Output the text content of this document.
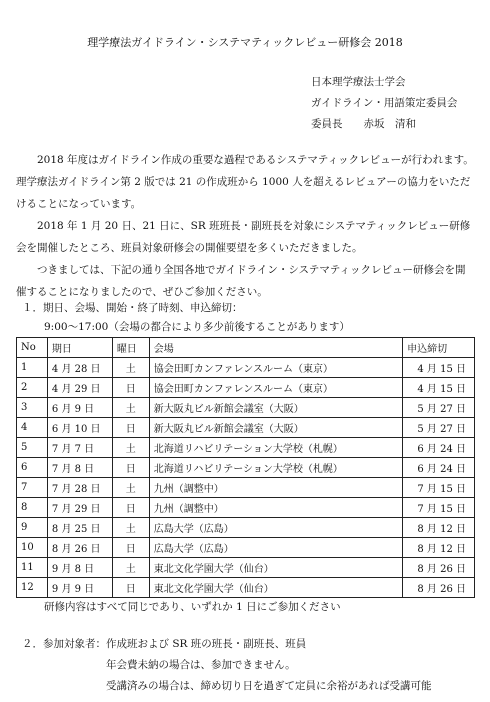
理学療法ガイドライン・システマティックレビュー研修会 2018
日本理学療法士学会
ガイドライン・用語策定委員会
委員長　　赤坂　清和

2018 年度はガイドライン作成の重要な過程であるシステマティックレビューが行われます。理学療法ガイドライン第 2 版では 21 の作成班から 1000 人を超えるレビュアーの協力をいただけることになっています。

2018 年 1 月 20 日、21 日に、SR 班班長・副班長を対象にシステマティックレビュー研修会を開催したところ、班員対象研修会の開催要望を多くいただきました。

つきましては、下記の通り全国各地でガイドライン・システマティックレビュー研修会を開催することになりましたので、ぜひご参加ください。

１．期日、会場、開始・終了時刻、申込締切：
9:00〜17:00（会場の都合により多少前後することがあります）
No	期日	曜日	会場	申込締切
1	4 月 28 日	土	協会田町カンファレンスルーム（東京）	4 月 15 日
2	4 月 29 日	日	協会田町カンファレンスルーム（東京）	4 月 15 日
3	6 月 9 日	土	新大阪丸ビル新館会議室（大阪）	5 月 27 日
4	6 月 10 日	日	新大阪丸ビル新館会議室（大阪）	5 月 27 日
5	7 月 7 日	土	北海道リハビリテーション大学校（札幌）	6 月 24 日
6	7 月 8 日	日	北海道リハビリテーション大学校（札幌）	6 月 24 日
7	7 月 28 日	土	九州（調整中）	7 月 15 日
8	7 月 29 日	日	九州（調整中）	7 月 15 日
9	8 月 25 日	土	広島大学（広島）	8 月 12 日
10	8 月 26 日	日	広島大学（広島）	8 月 12 日
11	9 月 8 日	土	東北文化学園大学（仙台）	8 月 26 日
12	9 月 9 日	日	東北文化学園大学（仙台）	8 月 26 日
研修内容はすべて同じであり、いずれか 1 日にご参加ください
２．参加対象者：作成班および SR 班の班長・副班長、班員
年会費未納の場合は、参加できません。
受講済みの場合は、締め切り日を過ぎて定員に余裕があれば受講可能
